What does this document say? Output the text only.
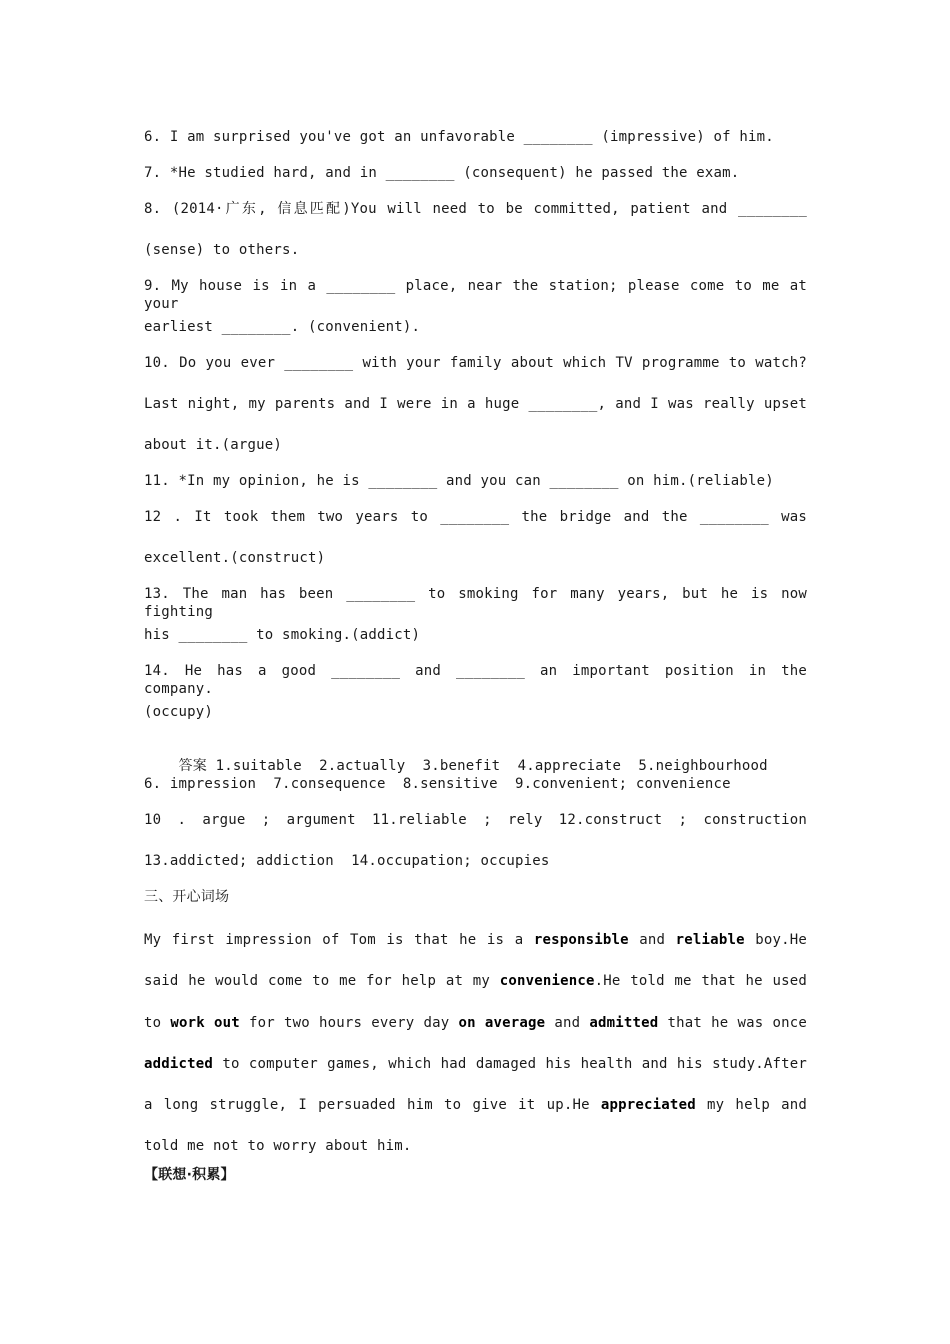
6. I am surprised you've got an unfavorable ________ (impressive) of him.
7. *He studied hard, and in ________ (consequent) he passed the exam.
8. (2014·广东, 信息匹配)You will need to be committed, patient and ________
(sense) to others.
9. My house is in a ________ place, near the station; please come to me at your
earliest ________. (convenient).
10. Do you ever ________ with your family about which TV programme to watch?
Last night, my parents and I were in a huge ________, and I was really upset
about it.(argue)
11. *In my opinion, he is ________ and you can ________ on him.(reliable)
12 . It took them two years to ________ the bridge and the ________ was
excellent.(construct)
13. The man has been ________ to smoking for many years, but he is now fighting
his ________ to smoking.(addict)
14. He has a good ________ and ________ an important position in the company.
(occupy)

答案 1.suitable  2.actually  3.benefit  4.appreciate  5.neighbourhood

6. impression  7.consequence  8.sensitive  9.convenient; convenience
10 . argue ; argument 11.reliable ; rely 12.construct ; construction
13.addicted; addiction  14.occupation; occupies
三、开心词场
My first impression of Tom is that he is a responsible and reliable boy.He said he would come to me for help at my convenience.He told me that he used to work out for two hours every day on average and admitted that he was once addicted to computer games, which had damaged his health and his study.After a long struggle, I persuaded him to give it up.He appreciated my help and told me not to worry about him.
【联想·积累】
